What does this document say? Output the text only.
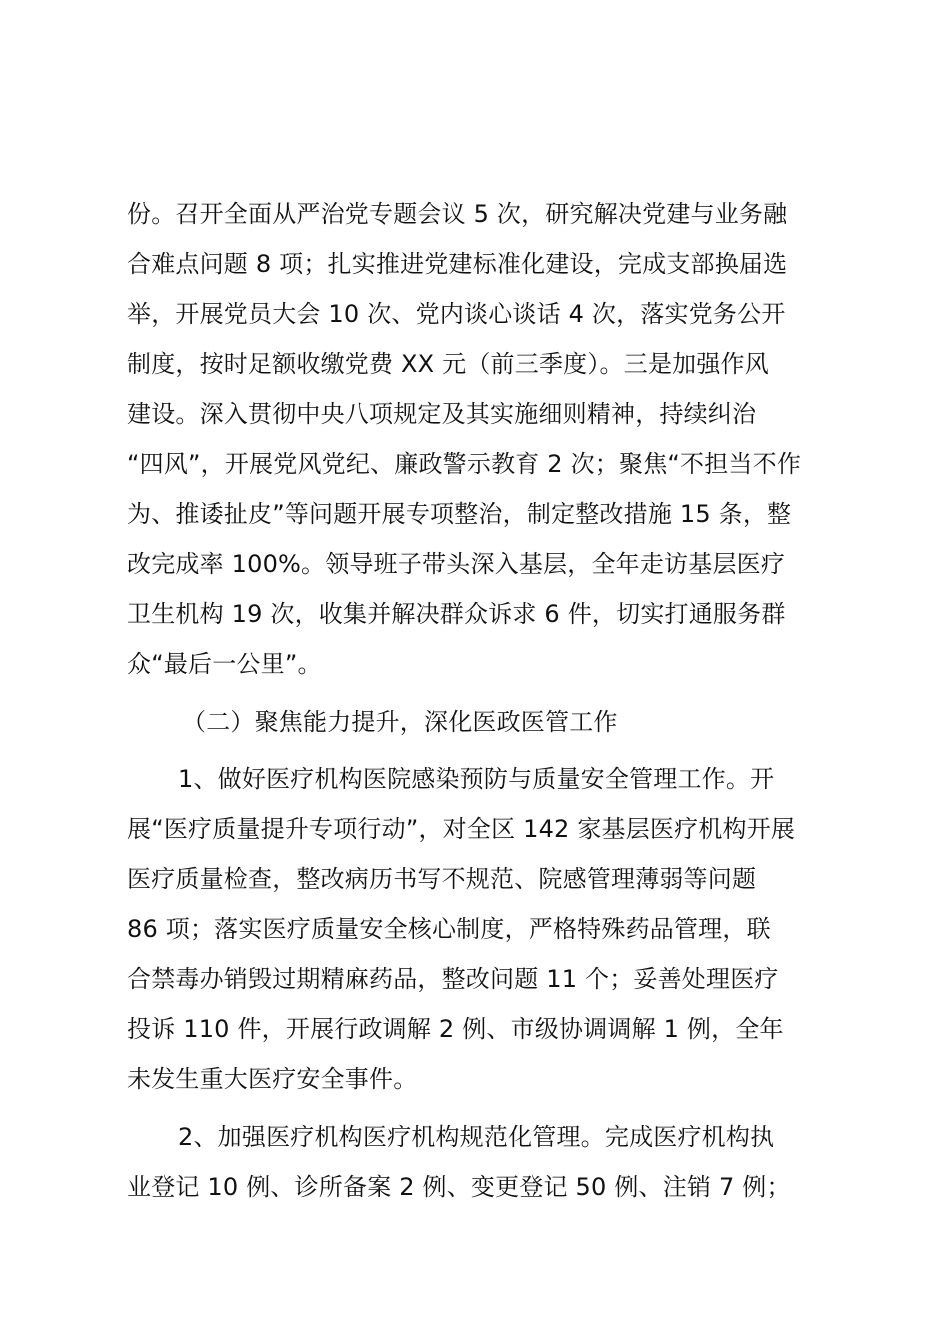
份。召开全面从严治党专题会议 5 次，研究解决党建与业务融
合难点问题 8 项；扎实推进党建标准化建设，完成支部换届选
举，开展党员大会 10 次、党内谈心谈话 4 次，落实党务公开
制度，按时足额收缴党费 XX 元（前三季度）。三是加强作风
建设。深入贯彻中央八项规定及其实施细则精神，持续纠治
“四风”，开展党风党纪、廉政警示教育 2 次；聚焦“不担当不作
为、推诿扯皮”等问题开展专项整治，制定整改措施 15 条，整
改完成率 100%。领导班子带头深入基层，全年走访基层医疗
卫生机构 19 次，收集并解决群众诉求 6 件，切实打通服务群
众“最后一公里”。
（二）聚焦能力提升，深化医政医管工作
1、做好医疗机构医院感染预防与质量安全管理工作。开
展“医疗质量提升专项行动”，对全区 142 家基层医疗机构开展
医疗质量检查，整改病历书写不规范、院感管理薄弱等问题
86 项；落实医疗质量安全核心制度，严格特殊药品管理，联
合禁毒办销毁过期精麻药品，整改问题 11 个；妥善处理医疗
投诉 110 件，开展行政调解 2 例、市级协调调解 1 例，全年
未发生重大医疗安全事件。
2、加强医疗机构医疗机构规范化管理。完成医疗机构执
业登记 10 例、诊所备案 2 例、变更登记 50 例、注销 7 例；
